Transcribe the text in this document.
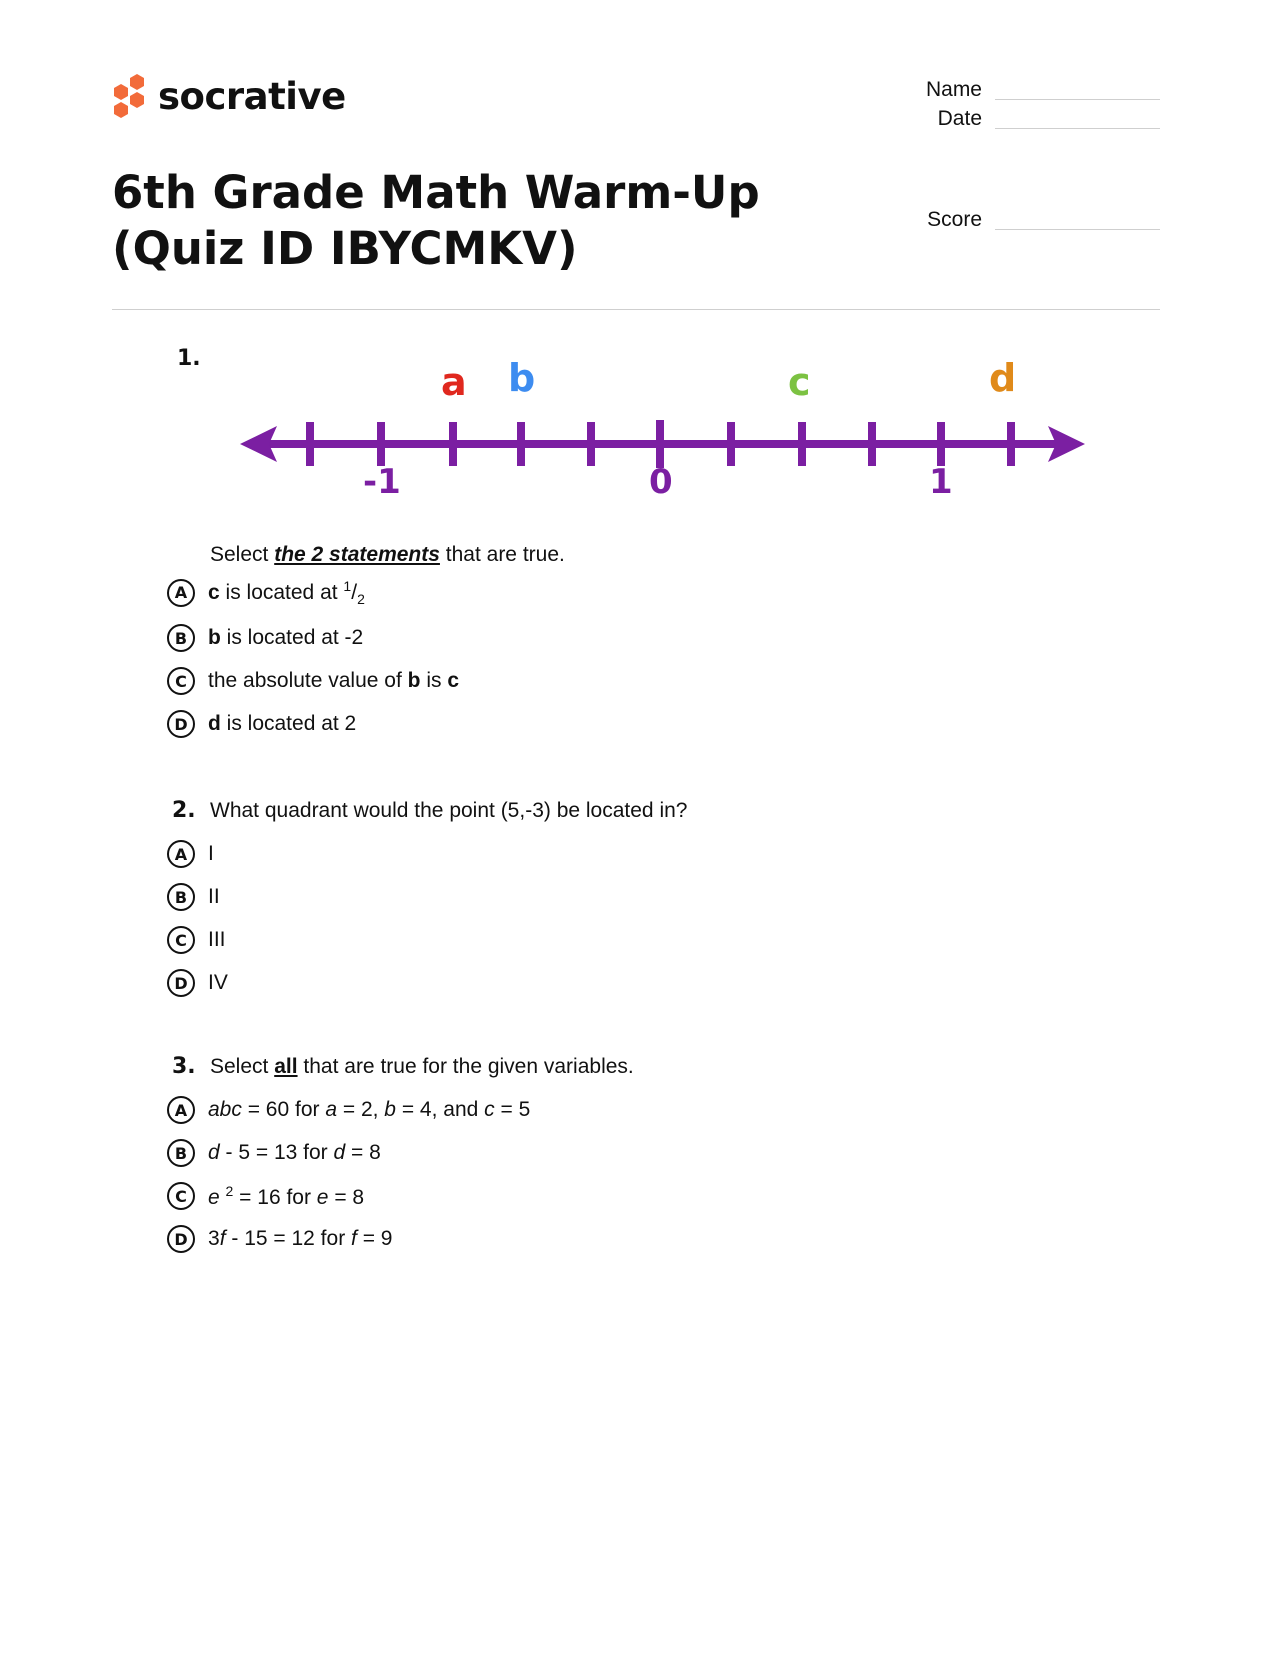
socrative	Name
Date
Score
6th Grade Math Warm-Up (Quiz ID IBYCMKV)
1.
-1	0	1
a b	c	d
Select the 2 statements that are true.
A c is located at $^1/_2$
B b is located at -2
C	the absolute value of b is c
D d is located at 2
2. What quadrant would the point (5,-3) be located in?
A I
B II
C	III
D IV
3. Select all that are true for the given variables.
A abc = 60 for a = 2, b = 4, and c = 5
B d - 5 = 13 for d = 8
C	e $^2$ = 16 for e = 8
D 3f - 15 = 12 for f = 9
